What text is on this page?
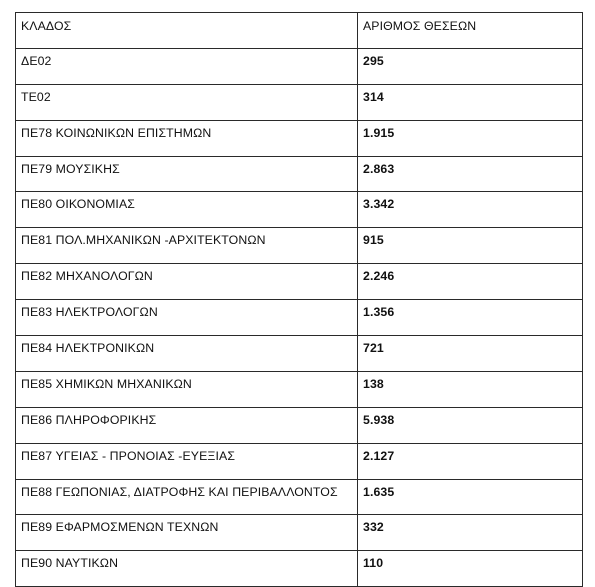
ΚΛΑΔΟΣ	ΑΡΙΘΜΟΣ ΘΕΣΕΩΝ
ΔΕ02	295
ΤΕ02	314
ΠΕ78 ΚΟΙΝΩΝΙΚΩΝ ΕΠΙΣΤΗΜΩΝ	1.915
ΠΕ79 ΜΟΥΣΙΚΗΣ	2.863
ΠΕ80 ΟΙΚΟΝΟΜΙΑΣ	3.342
ΠΕ81 ΠΟΛ.ΜΗΧΑΝΙΚΩΝ -ΑΡΧΙΤΕΚΤΟΝΩΝ	915
ΠΕ82 ΜΗΧΑΝΟΛΟΓΩΝ	2.246
ΠΕ83 ΗΛΕΚΤΡΟΛΟΓΩΝ	1.356
ΠΕ84 ΗΛΕΚΤΡΟΝΙΚΩΝ	721
ΠΕ85 ΧΗΜΙΚΩΝ ΜΗΧΑΝΙΚΩΝ	138
ΠΕ86 ΠΛΗΡΟΦΟΡΙΚΗΣ	5.938
ΠΕ87 ΥΓΕΙΑΣ - ΠΡΟΝΟΙΑΣ -ΕΥΕΞΙΑΣ	2.127
ΠΕ88 ΓΕΩΠΟΝΙΑΣ, ΔΙΑΤΡΟΦΗΣ ΚΑΙ ΠΕΡΙΒΑΛΛΟΝΤΟΣ	1.635
ΠΕ89 ΕΦΑΡΜΟΣΜΕΝΩΝ ΤΕΧΝΩΝ	332
ΠΕ90 ΝΑΥΤΙΚΩΝ	110
